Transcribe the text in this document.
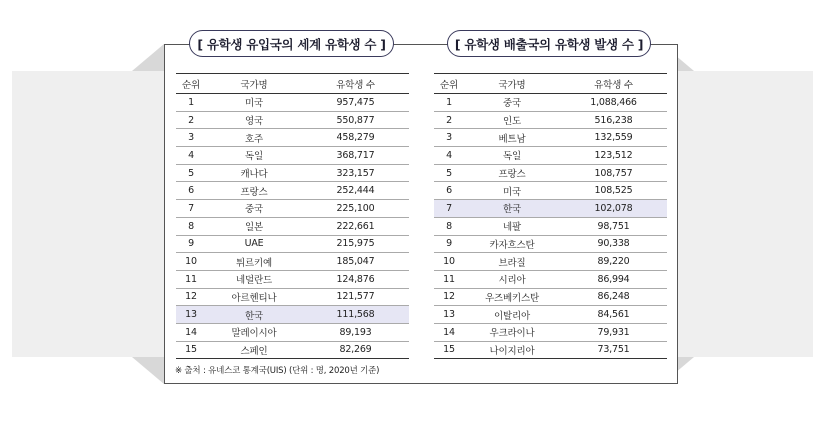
[ 유학생 유입국의 세계 유학생 수 ]	[ 유학생 배출국의 유학생 발생 수 ]
순위	국가명	유학생 수
1	미국	957,475
2	영국	550,877
3	호주	458,279
4	독일	368,717
5	캐나다	323,157
6	프랑스	252,444
7	중국	225,100
8	일본	222,661
9	UAE	215,975
10	튀르키예	185,047
11	네덜란드	124,876
12	아르헨티나	121,577
13	한국	111,568
14	말레이시아	89,193
15	스페인	82,269
순위	국가명	유학생 수
1	중국	1,088,466
2	인도	516,238
3	베트남	132,559
4	독일	123,512
5	프랑스	108,757
6	미국	108,525
7	한국	102,078
8	네팔	98,751
9	카자흐스탄	90,338
10	브라질	89,220
11	시리아	86,994
12	우즈베키스탄	86,248
13	이탈리아	84,561
14	우크라이나	79,931
15	나이지리아	73,751
※ 출처 : 유네스코 통계국(UIS) (단위 : 명, 2020년 기준)
